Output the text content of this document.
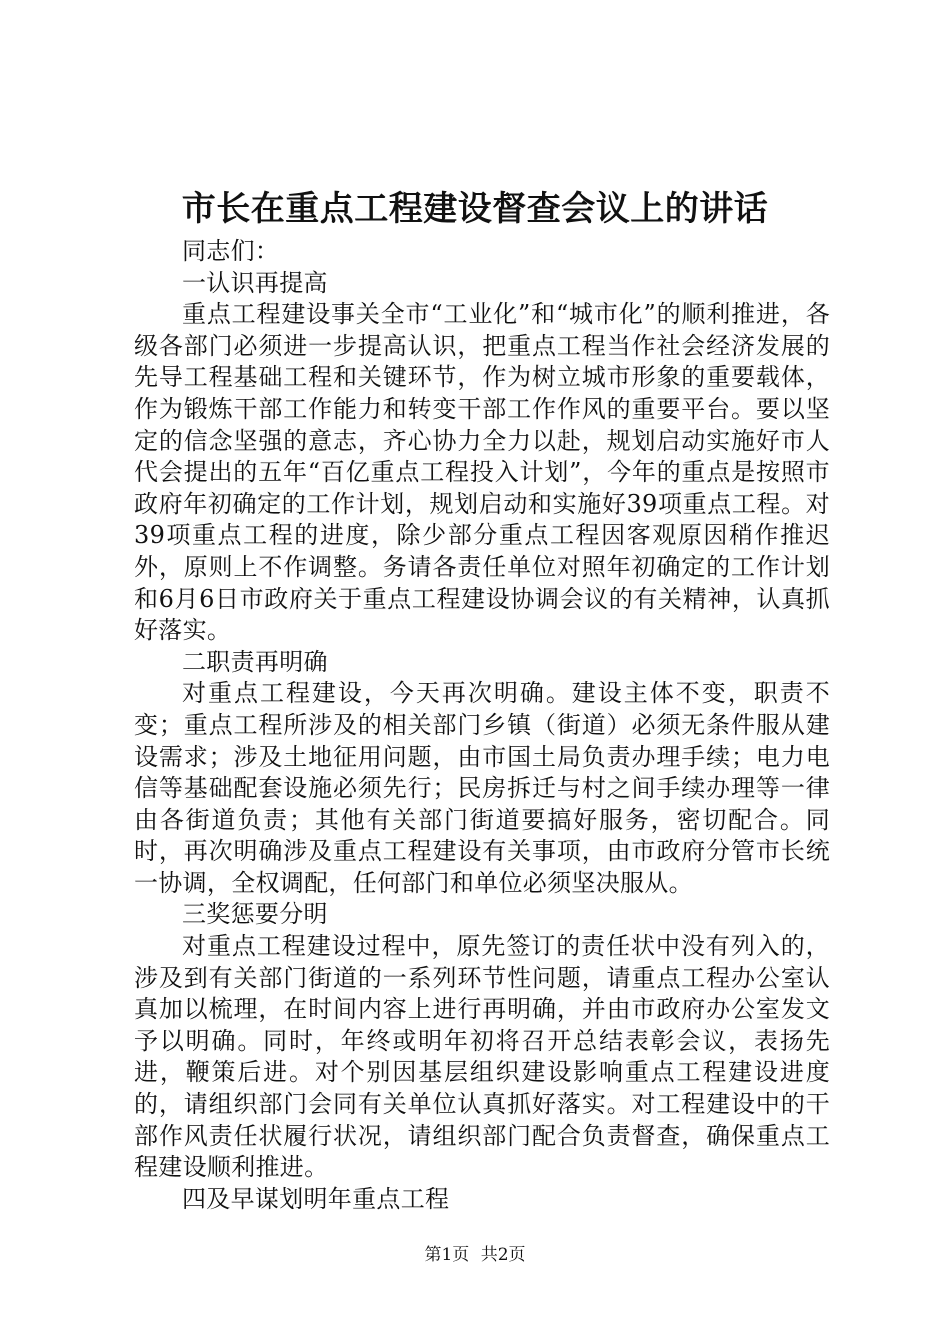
市长在重点工程建设督查会议上的讲话

同志们：

一认识再提高

重点工程建设事关全市“工业化”和“城市化”的顺利推进，各级各部门必须进一步提高认识，把重点工程当作社会经济发展的先导工程基础工程和关键环节，作为树立城市形象的重要载体，作为锻炼干部工作能力和转变干部工作作风的重要平台。要以坚定的信念坚强的意志，齐心协力全力以赴，规划启动实施好市人代会提出的五年“百亿重点工程投入计划”，今年的重点是按照市政府年初确定的工作计划，规划启动和实施好39项重点工程。对39项重点工程的进度，除少部分重点工程因客观原因稍作推迟外，原则上不作调整。务请各责任单位对照年初确定的工作计划和6月6日市政府关于重点工程建设协调会议的有关精神，认真抓好落实。

二职责再明确

对重点工程建设，今天再次明确。建设主体不变，职责不变；重点工程所涉及的相关部门乡镇（街道）必须无条件服从建设需求；涉及土地征用问题，由市国土局负责办理手续；电力电信等基础配套设施必须先行；民房拆迁与村之间手续办理等一律由各街道负责；其他有关部门街道要搞好服务，密切配合。同时，再次明确涉及重点工程建设有关事项，由市政府分管市长统一协调，全权调配，任何部门和单位必须坚决服从。

三奖惩要分明

对重点工程建设过程中，原先签订的责任状中没有列入的，涉及到有关部门街道的一系列环节性问题，请重点工程办公室认真加以梳理，在时间内容上进行再明确，并由市政府办公室发文予以明确。同时，年终或明年初将召开总结表彰会议，表扬先进，鞭策后进。对个别因基层组织建设影响重点工程建设进度的，请组织部门会同有关单位认真抓好落实。对工程建设中的干部作风责任状履行状况，请组织部门配合负责督查，确保重点工程建设顺利推进。

四及早谋划明年重点工程

第1页 共2页
